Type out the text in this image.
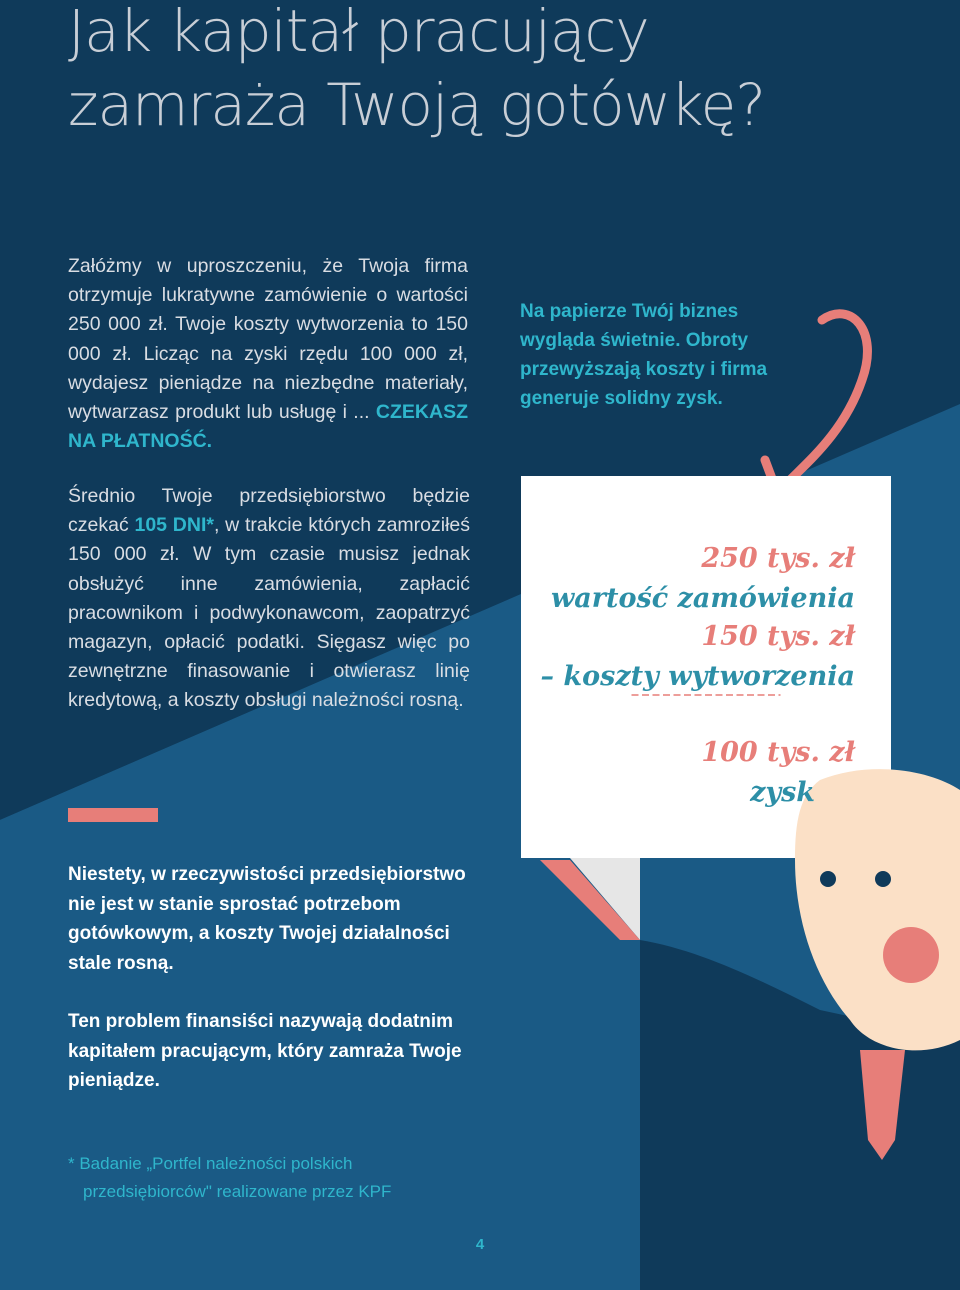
Jak kapitał pracujący
zamraża Twoją gotówkę?
Załóżmy w uproszczeniu, że Twoja firma otrzymuje lukratywne zamówienie o wartości 250 000 zł. Twoje koszty wytworzenia to 150 000 zł. Licząc na zyski rzędu 100 000 zł, wydajesz pieniądze na niezbędne materiały, wytwarzasz produkt lub usługę i ... CZEKASZ NA PŁATNOŚĆ.
Średnio Twoje przedsiębiorstwo będzie czekać 105 DNI*, w trakcie których zamroziłeś 150 000 zł. W tym czasie musisz jednak obsłużyć inne zamówienia, zapłacić pracownikom i podwykonawcom, zaopatrzyć magazyn, opłacić podatki. Sięgasz więc po zewnętrzne finasowanie i otwierasz linię kredytową, a koszty obsługi należności rosną.
Na papierze Twój biznes wygląda świetnie. Obroty przewyższają koszty i firma generuje solidny zysk.
250 tys. zł
wartość zamówienia
150 tys. zł
– koszty wytworzenia
100 tys. zł
zysk
Niestety, w rzeczywistości przedsiębiorstwo nie jest w stanie sprostać potrzebom gotówkowym, a koszty Twojej działalności stale rosną.
Ten problem finansiści nazywają dodatnim kapitałem pracującym, który zamraża Twoje pieniądze.
* Badanie „Portfel należności polskich
przedsiębiorców" realizowane przez KPF
4
